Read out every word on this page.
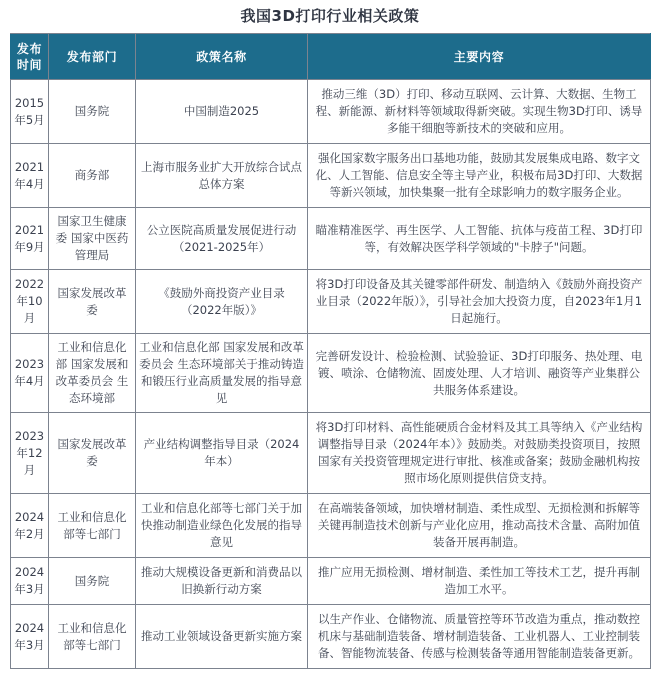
我国3D打印行业相关政策
发布时间	发布部门	政策名称	主要内容
2015年5月	国务院	中国制造2025	推动三维（3D）打印、移动互联网、云计算、大数据、生物工程、新能源、新材料等领域取得新突破。实现生物3D打印、诱导多能干细胞等新技术的突破和应用。
2021年4月	商务部	上海市服务业扩大开放综合试点总体方案	强化国家数字服务出口基地功能，鼓励其发展集成电路、数字文化、人工智能、信息安全等主导产业，积极布局3D打印、大数据等新兴领域，加快集聚一批有全球影响力的数字服务企业。
2021年9月	国家卫生健康委 国家中医药管理局	公立医院高质量发展促进行动（2021-2025年）	瞄准精准医学、再生医学、人工智能、抗体与疫苗工程、3D打印等，有效解决医学科学领域的"卡脖子"问题。
2022年10月	国家发展改革委	《鼓励外商投资产业目录（2022年版）》	将3D打印设备及其关键零部件研发、制造纳入《鼓励外商投资产业目录（2022年版）》，引导社会加大投资力度，自2023年1月1日起施行。
2023年4月	工业和信息化部 国家发展和改革委员会 生态环境部	工业和信息化部 国家发展和改革委员会 生态环境部关于推动铸造和锻压行业高质量发展的指导意见	完善研发设计、检验检测、试验验证、3D打印服务、热处理、电镀、喷涂、仓储物流、固废处理、人才培训、融资等产业集群公共服务体系建设。
2023年12月	国家发展改革委	产业结构调整指导目录（2024年本）	将3D打印材料、高性能硬质合金材料及其工具等纳入《产业结构调整指导目录（2024年本）》鼓励类。对鼓励类投资项目，按照国家有关投资管理规定进行审批、核准或备案；鼓励金融机构按照市场化原则提供信贷支持。
2024年2月	工业和信息化部等七部门	工业和信息化部等七部门关于加快推动制造业绿色化发展的指导意见	在高端装备领域，加快增材制造、柔性成型、无损检测和拆解等关键再制造技术创新与产业化应用，推动高技术含量、高附加值装备开展再制造。
2024年3月	国务院	推动大规模设备更新和消费品以旧换新行动方案	推广应用无损检测、增材制造、柔性加工等技术工艺，提升再制造加工水平。
2024年3月	工业和信息化部等七部门	推动工业领域设备更新实施方案	以生产作业、仓储物流、质量管控等环节改造为重点，推动数控机床与基础制造装备、增材制造装备、工业机器人、工业控制装备、智能物流装备、传感与检测装备等通用智能制造装备更新。
